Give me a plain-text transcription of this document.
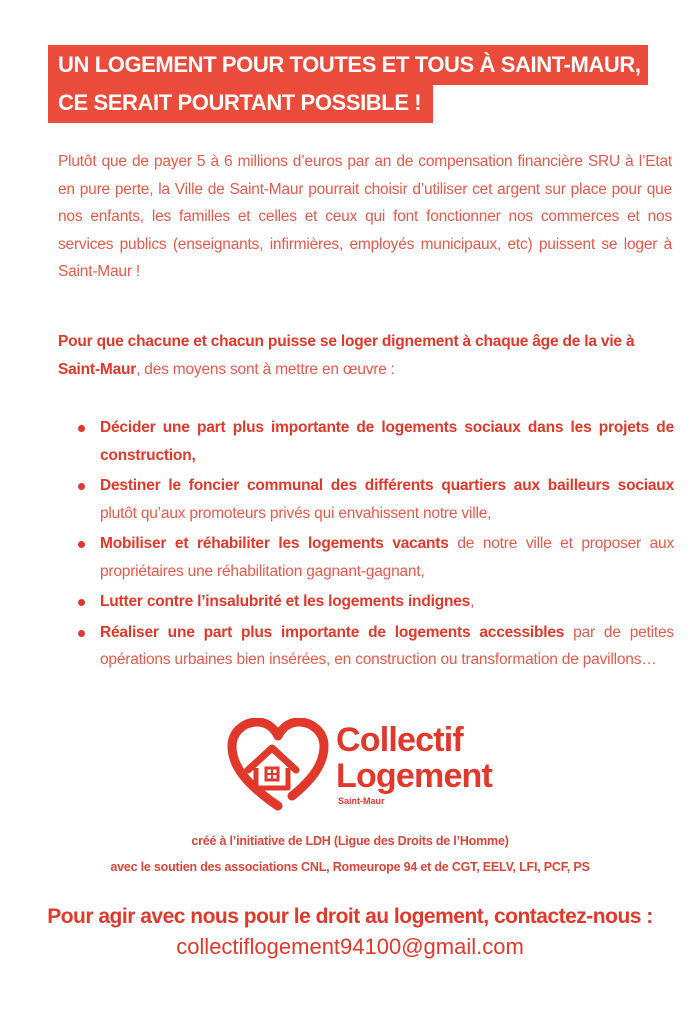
UN LOGEMENT POUR TOUTES ET TOUS À SAINT-MAUR,
CE SERAIT POURTANT POSSIBLE !

Plutôt que de payer 5 à 6 millions d’euros par an de compensation financière SRU à l’Etat en pure perte, la Ville de Saint-Maur pourrait choisir d’utiliser cet argent sur place pour que nos enfants, les familles et celles et ceux qui font fonctionner nos commerces et nos services publics (enseignants, infirmières, employés municipaux, etc) puissent se loger à Saint-Maur !

Pour que chacune et chacun puisse se loger dignement à chaque âge de la vie à Saint-Maur, des moyens sont à mettre en œuvre :

Décider une part plus importante de logements sociaux dans les projets de construction,
Destiner le foncier communal des différents quartiers aux bailleurs sociaux plutôt qu’aux promoteurs privés qui envahissent notre ville,
Mobiliser et réhabiliter les logements vacants de notre ville et proposer aux propriétaires une réhabilitation gagnant-gagnant,
Lutter contre l’insalubrité et les logements indignes,
Réaliser une part plus importante de logements accessibles par de petites opérations urbaines bien insérées, en construction ou transformation de pavillons…
Collectif
Logement
Saint-Maur
créé à l’initiative de LDH (Ligue des Droits de l’Homme)
avec le soutien des associations CNL, Romeurope 94 et de CGT, EELV, LFI, PCF, PS
Pour agir avec nous pour le droit au logement, contactez-nous :
collectiflogement94100@gmail.com
